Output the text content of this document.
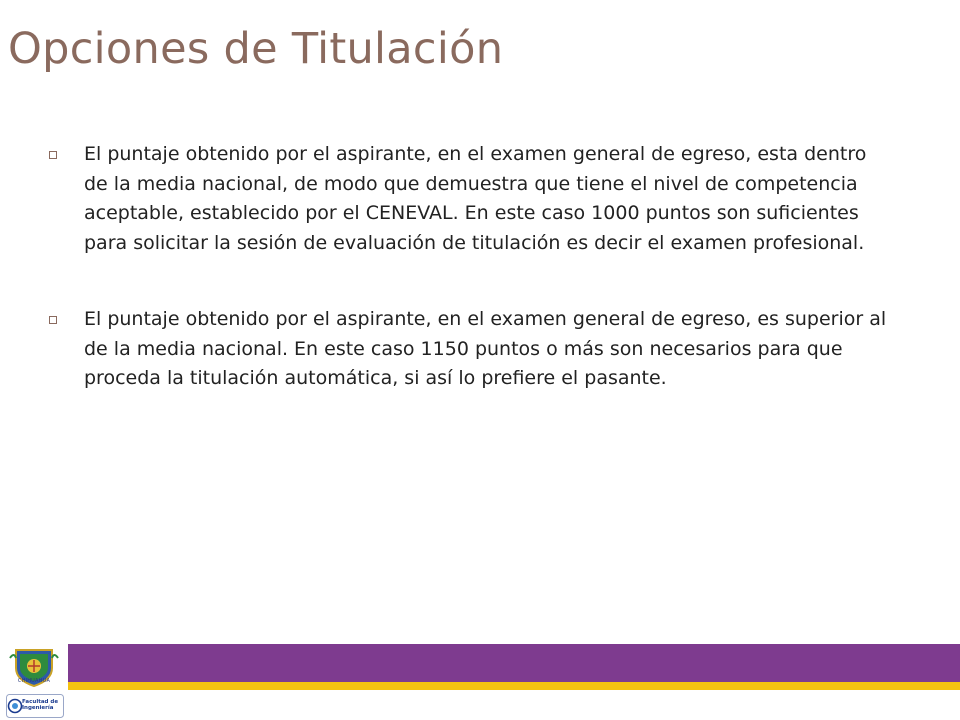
Opciones de Titulación
El puntaje obtenido por el aspirante, en el examen general de egreso, esta dentro de la media nacional, de modo que demuestra que tiene el nivel de competencia aceptable, establecido por el CENEVAL. En este caso 1000 puntos son suficientes para solicitar la sesión de evaluación de titulación es decir el examen profesional.
El puntaje obtenido por el aspirante, en el examen general de egreso, es superior al de la media nacional. En este caso 1150 puntos o más son necesarios para que proceda la titulación automática, si así lo prefiere el pasante.
CHIHUAHUA
Facultad de
Ingeniería
